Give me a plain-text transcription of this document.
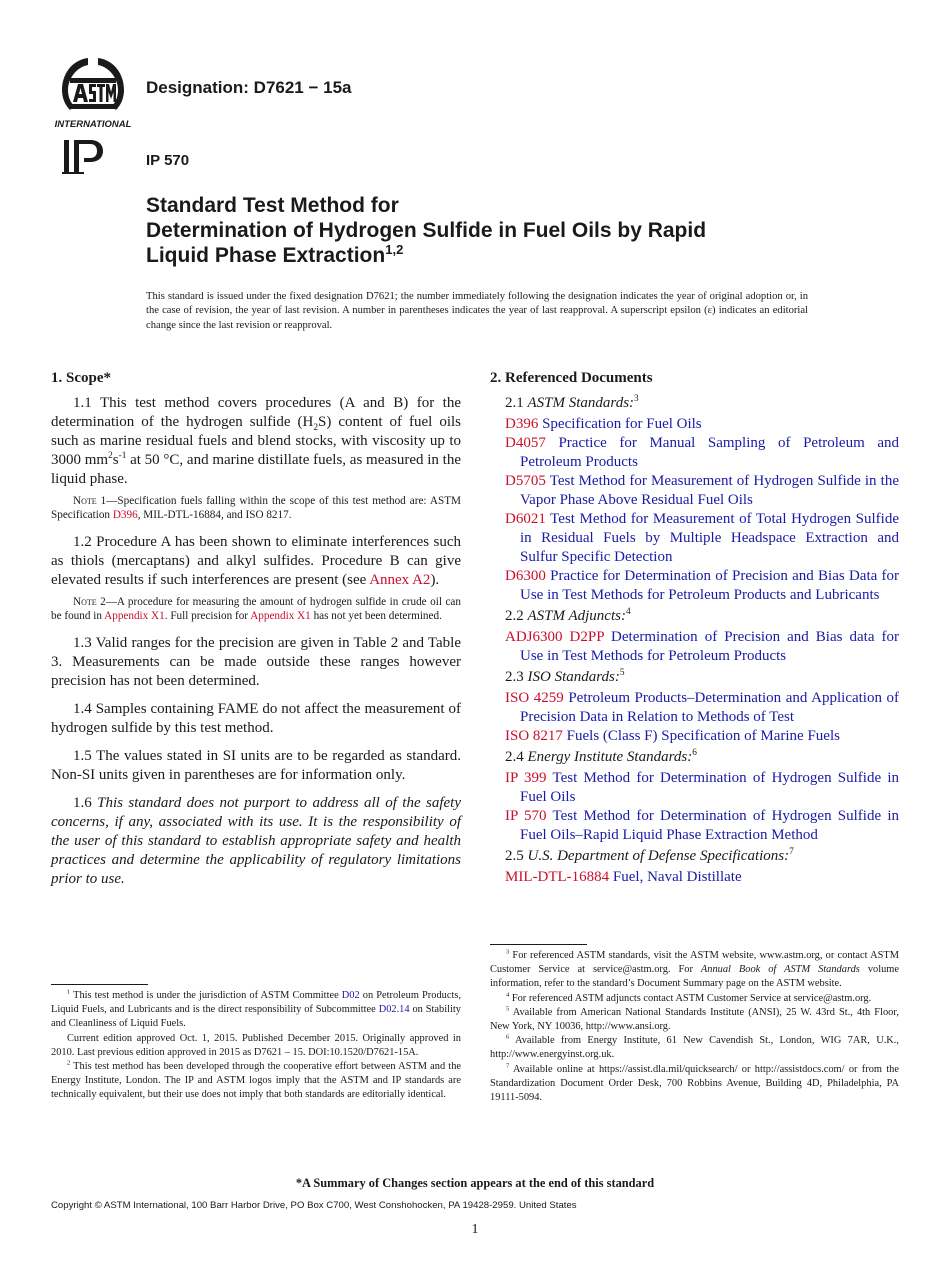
INTERNATIONAL
Designation: D7621 − 15a
IP 570
Standard Test Method for
Determination of Hydrogen Sulfide in Fuel Oils by Rapid
Liquid Phase Extraction$^{1,2}$
This standard is issued under the fixed designation D7621; the number immediately following the designation indicates the year of original adoption or, in the case of revision, the year of last revision. A number in parentheses indicates the year of last reapproval. A superscript epsilon (ε) indicates an editorial change since the last revision or reapproval.
1. Scope*

1.1 This test method covers procedures (A and B) for the determination of the hydrogen sulfide $(H_2S)$ content of fuel oils such as marine residual fuels and blend stocks, with viscosity up to 3000 $mm^2s^{-1}$ at 50 °C, and marine distillate fuels, as measured in the liquid phase.

Note 1—Specification fuels falling within the scope of this test method are: ASTM Specification D396, MIL-DTL-16884, and ISO 8217.

1.2 Procedure A has been shown to eliminate interferences such as thiols (mercaptans) and alkyl sulfides. Procedure B can give elevated results if such interferences are present (see Annex A2).

Note 2—A procedure for measuring the amount of hydrogen sulfide in crude oil can be found in Appendix X1. Full precision for Appendix X1 has not yet been determined.

1.3 Valid ranges for the precision are given in Table 2 and Table 3. Measurements can be made outside these ranges however precision has not been determined.

1.4 Samples containing FAME do not affect the measurement of hydrogen sulfide by this test method.

1.5 The values stated in SI units are to be regarded as standard. Non-SI units given in parentheses are for information only.

1.6 This standard does not purport to address all of the safety concerns, if any, associated with its use. It is the responsibility of the user of this standard to establish appropriate safety and health practices and determine the applicability of regulatory limitations prior to use.

2. Referenced Documents
2.1 ASTM Standards:$^3$
D396 Specification for Fuel Oils
D4057 Practice for Manual Sampling of Petroleum and Petroleum Products
D5705 Test Method for Measurement of Hydrogen Sulfide in the Vapor Phase Above Residual Fuel Oils
D6021 Test Method for Measurement of Total Hydrogen Sulfide in Residual Fuels by Multiple Headspace Extraction and Sulfur Specific Detection
D6300 Practice for Determination of Precision and Bias Data for Use in Test Methods for Petroleum Products and Lubricants
2.2 ASTM Adjuncts:$^4$
ADJ6300 D2PP Determination of Precision and Bias data for Use in Test Methods for Petroleum Products
2.3 ISO Standards:$^5$
ISO 4259 Petroleum Products–Determination and Application of Precision Data in Relation to Methods of Test
ISO 8217 Fuels (Class F) Specification of Marine Fuels
2.4 Energy Institute Standards:$^6$
IP 399 Test Method for Determination of Hydrogen Sulfide in Fuel Oils
IP 570 Test Method for Determination of Hydrogen Sulfide in Fuel Oils–Rapid Liquid Phase Extraction Method
2.5 U.S. Department of Defense Specifications:$^7$
MIL-DTL-16884 Fuel, Naval Distillate

$^1$ This test method is under the jurisdiction of ASTM Committee D02 on Petroleum Products, Liquid Fuels, and Lubricants and is the direct responsibility of Subcommittee D02.14 on Stability and Cleanliness of Liquid Fuels.

Current edition approved Oct. 1, 2015. Published December 2015. Originally approved in 2010. Last previous edition approved in 2015 as D7621 – 15. DOI:10.1520/D7621-15A.

$^2$ This test method has been developed through the cooperative effort between ASTM and the Energy Institute, London. The IP and ASTM logos imply that the ASTM and IP standards are technically equivalent, but their use does not imply that both standards are editorially identical.

$^3$ For referenced ASTM standards, visit the ASTM website, www.astm.org, or contact ASTM Customer Service at service@astm.org. For Annual Book of ASTM Standards volume information, refer to the standard’s Document Summary page on the ASTM website.

$^4$ For referenced ASTM adjuncts contact ASTM Customer Service at service@astm.org.

$^5$ Available from American National Standards Institute (ANSI), 25 W. 43rd St., 4th Floor, New York, NY 10036, http://www.ansi.org.

$^6$ Available from Energy Institute, 61 New Cavendish St., London, WIG 7AR, U.K., http://www.energyinst.org.uk.

$^7$ Available online at https://assist.dla.mil/quicksearch/ or http://assistdocs.com/ or from the Standardization Document Order Desk, 700 Robbins Avenue, Building 4D, Philadelphia, PA 19111-5094.

*A Summary of Changes section appears at the end of this standard
Copyright © ASTM International, 100 Barr Harbor Drive, PO Box C700, West Conshohocken, PA 19428-2959. United States
1
